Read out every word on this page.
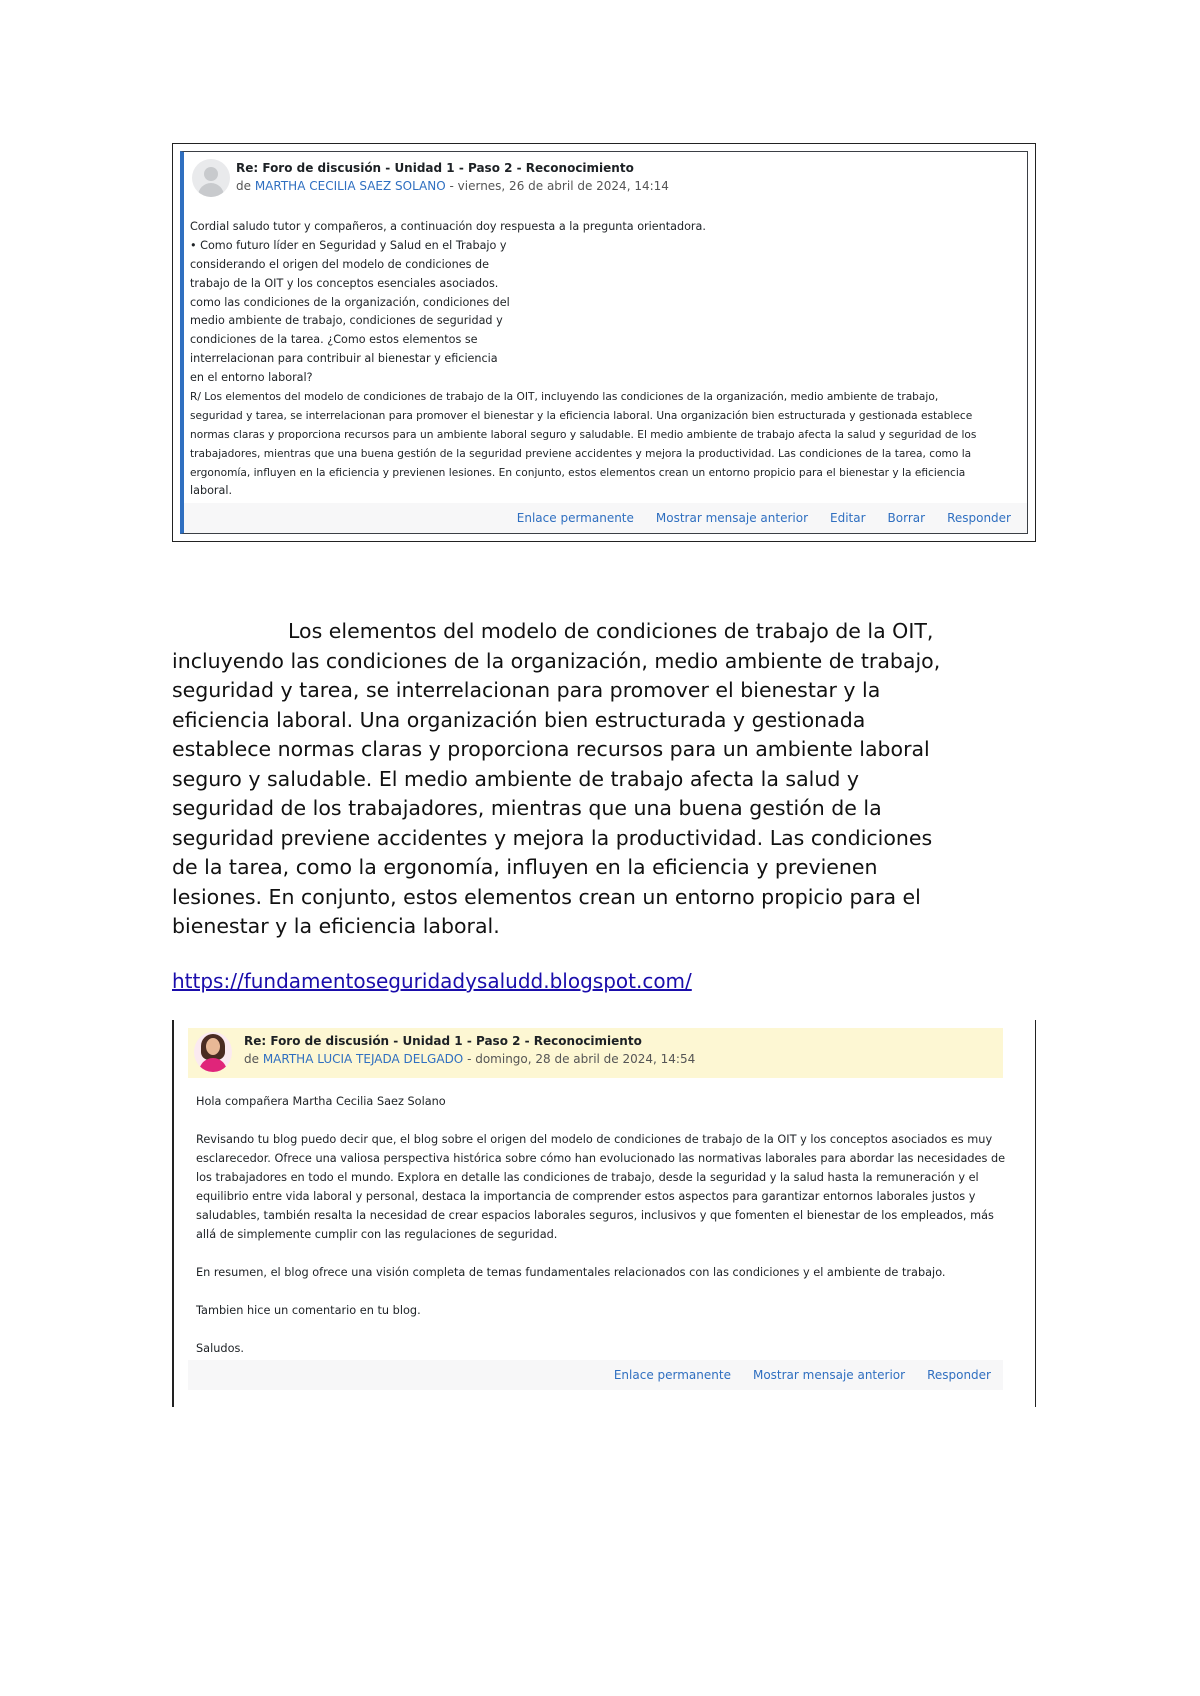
Re: Foro de discusión - Unidad 1 - Paso 2 - Reconocimiento
de MARTHA CECILIA SAEZ SOLANO - viernes, 26 de abril de 2024, 14:14
Cordial saludo tutor y compañeros, a continuación doy respuesta a la pregunta orientadora.
• Como futuro líder en Seguridad y Salud en el Trabajo y
considerando el origen del modelo de condiciones de
trabajo de la OIT y los conceptos esenciales asociados.
como las condiciones de la organización, condiciones del
medio ambiente de trabajo, condiciones de seguridad y
condiciones de la tarea. ¿Como estos elementos se
interrelacionan para contribuir al bienestar y eficiencia
en el entorno laboral?
R/ Los elementos del modelo de condiciones de trabajo de la OIT, incluyendo las condiciones de la organización, medio ambiente de trabajo,
seguridad y tarea, se interrelacionan para promover el bienestar y la eficiencia laboral. Una organización bien estructurada y gestionada establece
normas claras y proporciona recursos para un ambiente laboral seguro y saludable. El medio ambiente de trabajo afecta la salud y seguridad de los
trabajadores, mientras que una buena gestión de la seguridad previene accidentes y mejora la productividad. Las condiciones de la tarea, como la
ergonomía, influyen en la eficiencia y previenen lesiones. En conjunto, estos elementos crean un entorno propicio para el bienestar y la eficiencia
laboral.
Enlace permanente Mostrar mensaje anterior Editar Borrar Responder
Los elementos del modelo de condiciones de trabajo de la OIT,
incluyendo las condiciones de la organización, medio ambiente de trabajo,
seguridad y tarea, se interrelacionan para promover el bienestar y la
eficiencia laboral. Una organización bien estructurada y gestionada
establece normas claras y proporciona recursos para un ambiente laboral
seguro y saludable. El medio ambiente de trabajo afecta la salud y
seguridad de los trabajadores, mientras que una buena gestión de la
seguridad previene accidentes y mejora la productividad. Las condiciones
de la tarea, como la ergonomía, influyen en la eficiencia y previenen
lesiones. En conjunto, estos elementos crean un entorno propicio para el
bienestar y la eficiencia laboral.
https://fundamentoseguridadysaludd.blogspot.com/
Re: Foro de discusión - Unidad 1 - Paso 2 - Reconocimiento
de MARTHA LUCIA TEJADA DELGADO - domingo, 28 de abril de 2024, 14:54
Hola compañera Martha Cecilia Saez Solano
Revisando tu blog puedo decir que, el blog sobre el origen del modelo de condiciones de trabajo de la OIT y los conceptos asociados es muy
esclarecedor. Ofrece una valiosa perspectiva histórica sobre cómo han evolucionado las normativas laborales para abordar las necesidades de
los trabajadores en todo el mundo. Explora en detalle las condiciones de trabajo, desde la seguridad y la salud hasta la remuneración y el
equilibrio entre vida laboral y personal, destaca la importancia de comprender estos aspectos para garantizar entornos laborales justos y
saludables, también resalta la necesidad de crear espacios laborales seguros, inclusivos y que fomenten el bienestar de los empleados, más
allá de simplemente cumplir con las regulaciones de seguridad.
En resumen, el blog ofrece una visión completa de temas fundamentales relacionados con las condiciones y el ambiente de trabajo.
Tambien hice un comentario en tu blog.
Saludos.
Enlace permanente Mostrar mensaje anterior Responder
